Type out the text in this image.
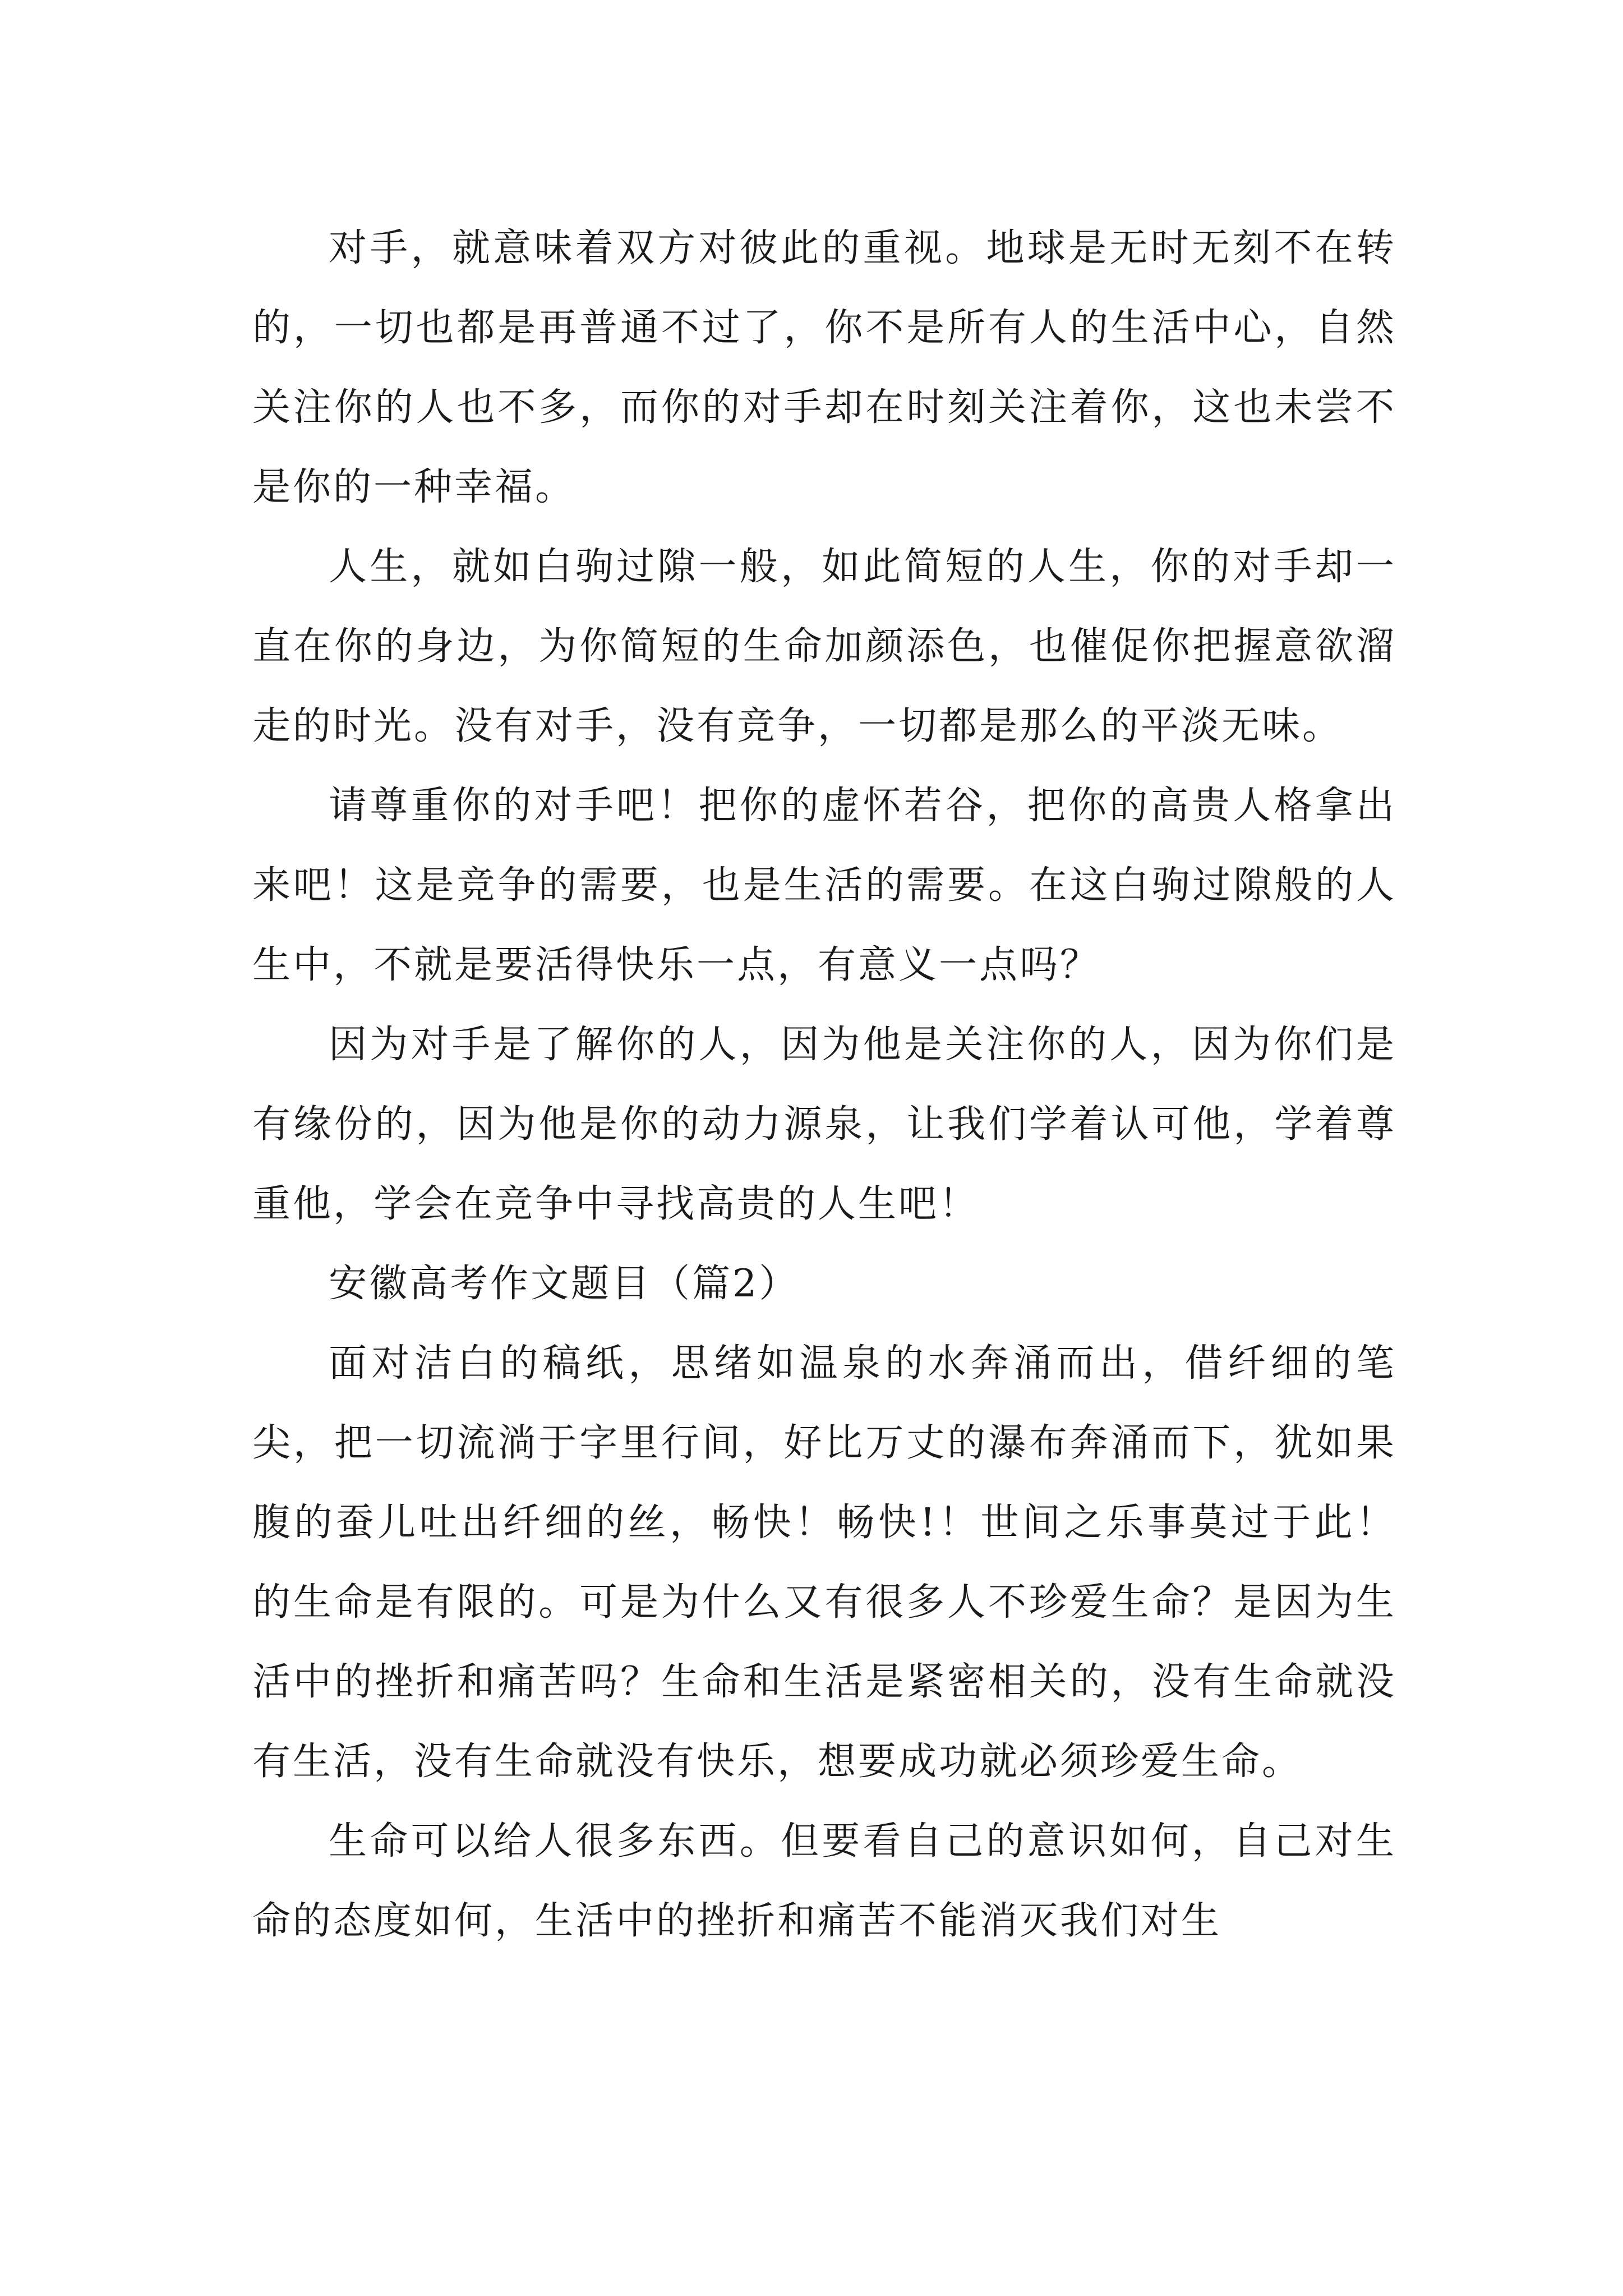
对手，就意味着双方对彼此的重视。地球是无时无刻不在转的，一切也都是再普通不过了，你不是所有人的生活中心，自然关注你的人也不多，而你的对手却在时刻关注着你，这也未尝不是你的一种幸福。

人生，就如白驹过隙一般，如此简短的人生，你的对手却一直在你的身边，为你简短的生命加颜添色，也催促你把握意欲溜走的时光。没有对手，没有竞争，一切都是那么的平淡无味。

请尊重你的对手吧！把你的虚怀若谷，把你的高贵人格拿出来吧！这是竞争的需要，也是生活的需要。在这白驹过隙般的人生中，不就是要活得快乐一点，有意义一点吗？

因为对手是了解你的人，因为他是关注你的人，因为你们是有缘份的，因为他是你的动力源泉，让我们学着认可他，学着尊重他，学会在竞争中寻找高贵的人生吧！

安徽高考作文题目（篇2）

面对洁白的稿纸，思绪如温泉的水奔涌而出，借纤细的笔尖，把一切流淌于字里行间，好比万丈的瀑布奔涌而下，犹如果腹的蚕儿吐出纤细的丝，畅快！畅快!！世间之乐事莫过于此！的生命是有限的。可是为什么又有很多人不珍爱生命？是因为生活中的挫折和痛苦吗？生命和生活是紧密相关的，没有生命就没有生活，没有生命就没有快乐，想要成功就必须珍爱生命。

生命可以给人很多东西。但要看自己的意识如何，自己对生命的态度如何，生活中的挫折和痛苦不能消灭我们对生
